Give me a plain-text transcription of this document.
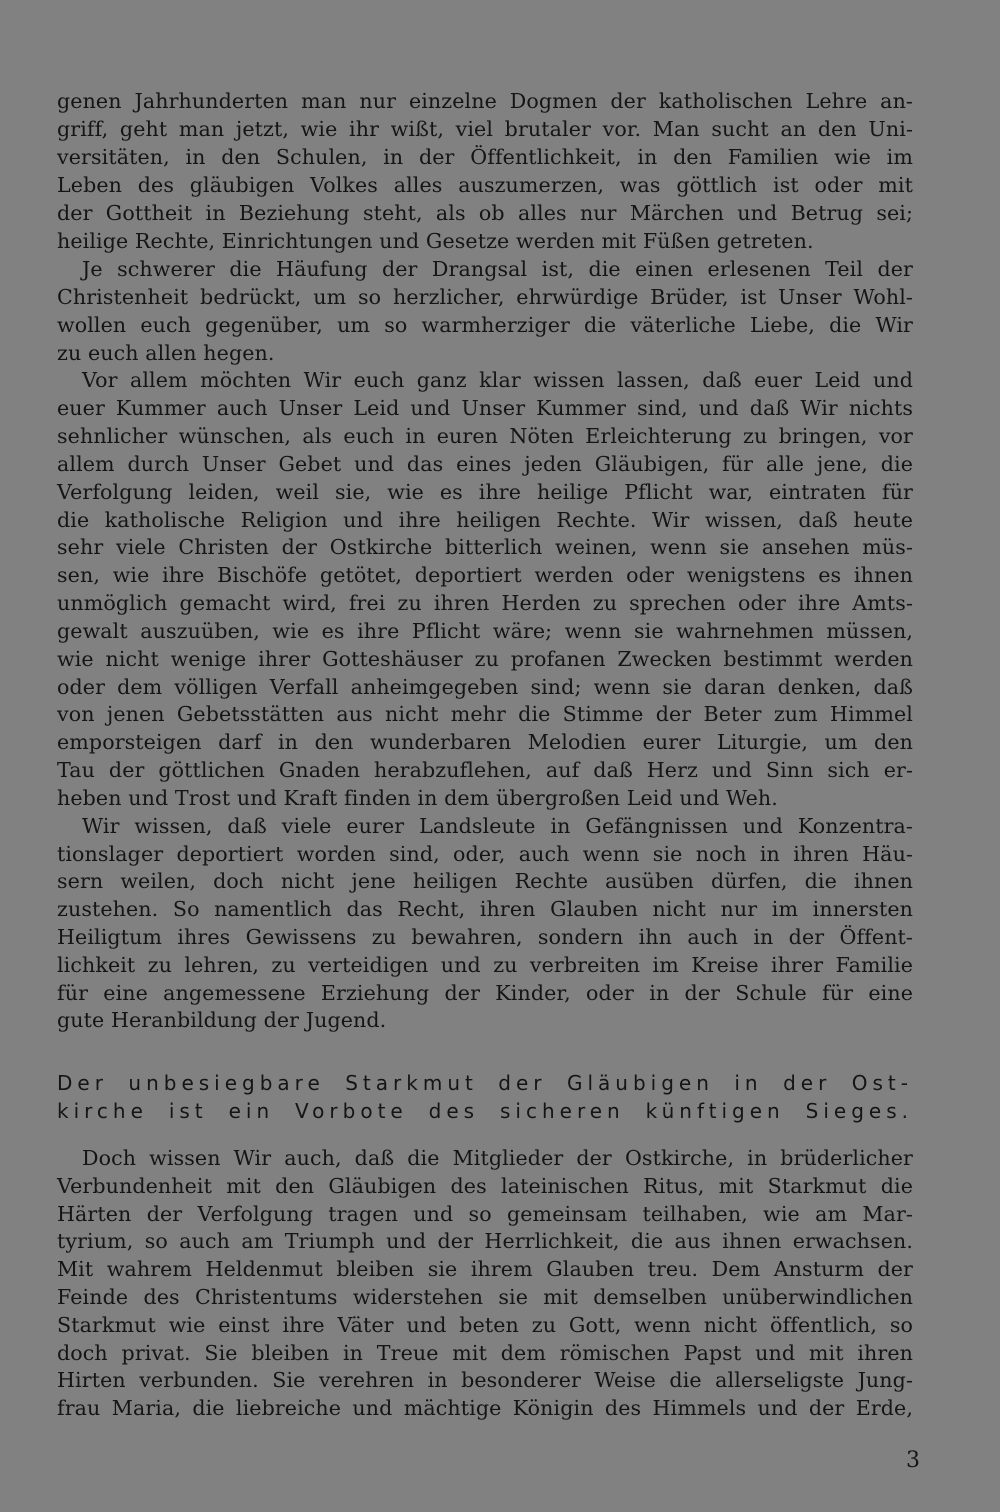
genen Jahrhunderten man nur einzelne Dogmen der katholischen Lehre an-
griff, geht man jetzt, wie ihr wißt, viel brutaler vor. Man sucht an den Uni-
versitäten, in den Schulen, in der Öffentlichkeit, in den Familien wie im
Leben des gläubigen Volkes alles auszumerzen, was göttlich ist oder mit
der Gottheit in Beziehung steht, als ob alles nur Märchen und Betrug sei;
heilige Rechte, Einrichtungen und Gesetze werden mit Füßen getreten.
Je schwerer die Häufung der Drangsal ist, die einen erlesenen Teil der
Christenheit bedrückt, um so herzlicher, ehrwürdige Brüder, ist Unser Wohl-
wollen euch gegenüber, um so warmherziger die väterliche Liebe, die Wir
zu euch allen hegen.
Vor allem möchten Wir euch ganz klar wissen lassen, daß euer Leid und
euer Kummer auch Unser Leid und Unser Kummer sind, und daß Wir nichts
sehnlicher wünschen, als euch in euren Nöten Erleichterung zu bringen, vor
allem durch Unser Gebet und das eines jeden Gläubigen, für alle jene, die
Verfolgung leiden, weil sie, wie es ihre heilige Pflicht war, eintraten für
die katholische Religion und ihre heiligen Rechte. Wir wissen, daß heute
sehr viele Christen der Ostkirche bitterlich weinen, wenn sie ansehen müs-
sen, wie ihre Bischöfe getötet, deportiert werden oder wenigstens es ihnen
unmöglich gemacht wird, frei zu ihren Herden zu sprechen oder ihre Amts-
gewalt auszuüben, wie es ihre Pflicht wäre; wenn sie wahrnehmen müssen,
wie nicht wenige ihrer Gotteshäuser zu profanen Zwecken bestimmt werden
oder dem völligen Verfall anheimgegeben sind; wenn sie daran denken, daß
von jenen Gebetsstätten aus nicht mehr die Stimme der Beter zum Himmel
emporsteigen darf in den wunderbaren Melodien eurer Liturgie, um den
Tau der göttlichen Gnaden herabzuflehen, auf daß Herz und Sinn sich er-
heben und Trost und Kraft finden in dem übergroßen Leid und Weh.
Wir wissen, daß viele eurer Landsleute in Gefängnissen und Konzentra-
tionslager deportiert worden sind, oder, auch wenn sie noch in ihren Häu-
sern weilen, doch nicht jene heiligen Rechte ausüben dürfen, die ihnen
zustehen. So namentlich das Recht, ihren Glauben nicht nur im innersten
Heiligtum ihres Gewissens zu bewahren, sondern ihn auch in der Öffent-
lichkeit zu lehren, zu verteidigen und zu verbreiten im Kreise ihrer Familie
für eine angemessene Erziehung der Kinder, oder in der Schule für eine
gute Heranbildung der Jugend.
Der unbesiegbare Starkmut der Gläubigen in der Ost-
kirche ist ein Vorbote des sicheren künftigen Sieges.
Doch wissen Wir auch, daß die Mitglieder der Ostkirche, in brüderlicher
Verbundenheit mit den Gläubigen des lateinischen Ritus, mit Starkmut die
Härten der Verfolgung tragen und so gemeinsam teilhaben, wie am Mar-
tyrium, so auch am Triumph und der Herrlichkeit, die aus ihnen erwachsen.
Mit wahrem Heldenmut bleiben sie ihrem Glauben treu. Dem Ansturm der
Feinde des Christentums widerstehen sie mit demselben unüberwindlichen
Starkmut wie einst ihre Väter und beten zu Gott, wenn nicht öffentlich, so
doch privat. Sie bleiben in Treue mit dem römischen Papst und mit ihren
Hirten verbunden. Sie verehren in besonderer Weise die allerseligste Jung-
frau Maria, die liebreiche und mächtige Königin des Himmels und der Erde,
3
